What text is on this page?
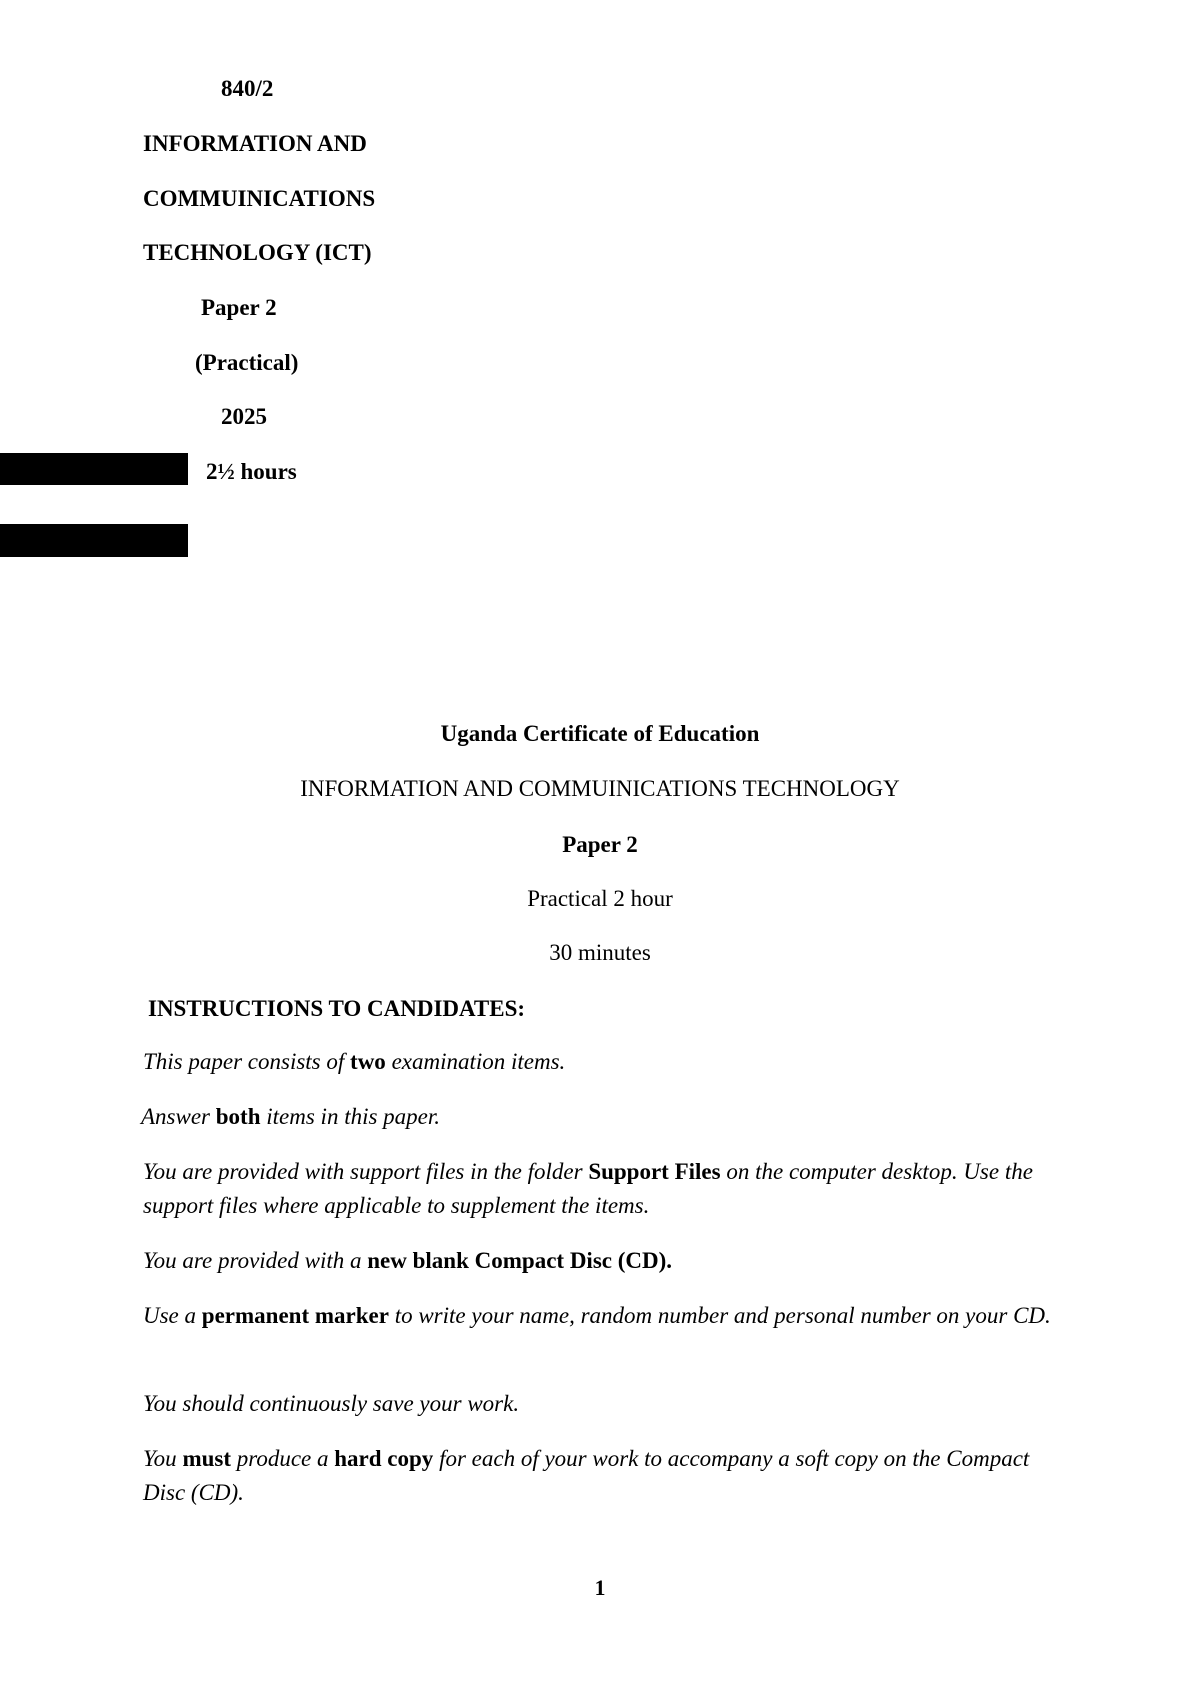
840/2

INFORMATION AND

COMMUINICATIONS

TECHNOLOGY (ICT)

Paper 2

(Practical)

2025

2½ hours

Uganda Certificate of Education

INFORMATION AND COMMUINICATIONS TECHNOLOGY

Paper 2

Practical 2 hour

30 minutes

INSTRUCTIONS TO CANDIDATES:

This paper consists of two examination items.

Answer both items in this paper.

You are provided with support files in the folder Support Files on the computer desktop. Use the support files where applicable to supplement the items.

You are provided with a new blank Compact Disc (CD).

Use a permanent marker to write your name, random number and personal number on your CD.

You should continuously save your work.

You must produce a hard copy for each of your work to accompany a soft copy on the Compact Disc (CD).

1
